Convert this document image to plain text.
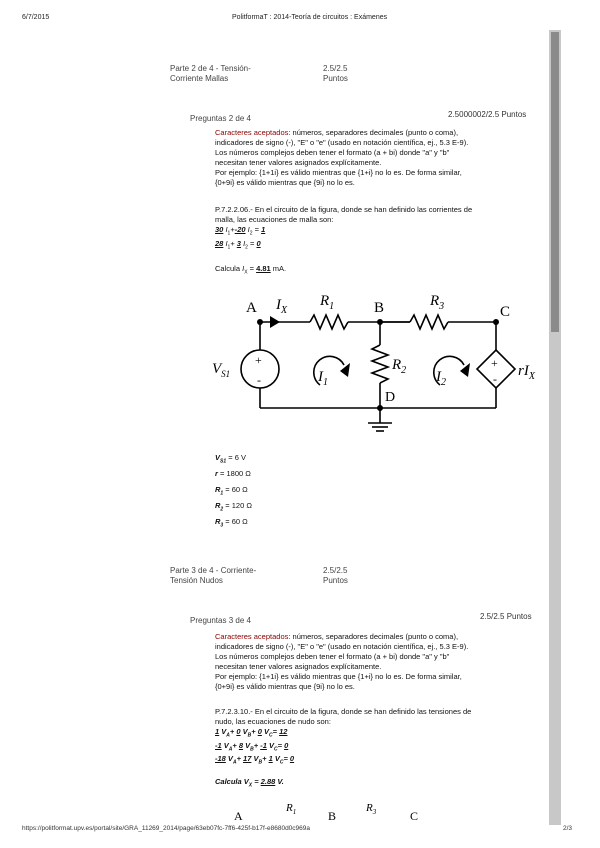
6/7/2015	PolitformaT : 2014-Teoría de circuitos : Exámenes
Parte 2 de 4 - Tensión-
Corriente Mallas
2.5/2.5
Puntos
Preguntas 2 de 4	2.5000002/2.5 Puntos
Caracteres aceptados: números, separadores decimales (punto o coma),
indicadores de signo (-), "E" o "e" (usado en notación científica, ej., 5.3 E-9).
Los números complejos deben tener el formato (a + bi) donde "a" y "b"
necesitan tener valores asignados explícitamente.
Por ejemplo: {1+1i} es válido mientras que {1+i} no lo es. De forma similar,
{0+9i} es válido mientras que {9i} no lo es.
P.7.2.2.06.- En el circuito de la figura, donde se han definido las corrientes de
malla, las ecuaciones de malla son:
30 $I_1+-20$ $I_2 = 1$
28 $I_1+ 3$ $I_2 = 0$
Calcula $I_X = 4.81$ mA.
A	B	C
D
$I_X$
$R_1$
$R_2$
$R_3$
$V_{S1}$	$I_1$	$I_2$
$rI_X$
+
-
+
-
$V_{S1} = 6$ V
r = 1800 Ω
$R_1 = 60$ Ω
$R_2 = 120$ Ω
$R_3 = 60$ Ω
Parte 3 de 4 - Corriente-
Tensión Nudos
2.5/2.5
Puntos
Preguntas 3 de 4	2.5/2.5 Puntos
Caracteres aceptados: números, separadores decimales (punto o coma),
indicadores de signo (-), "E" o "e" (usado en notación científica, ej., 5.3 E-9).
Los números complejos deben tener el formato (a + bi) donde "a" y "b"
necesitan tener valores asignados explícitamente.
Por ejemplo: {1+1i} es válido mientras que {1+i} no lo es. De forma similar,
{0+9i} es válido mientras que {9i} no lo es.
P.7.2.3.10.- En el circuito de la figura, donde se han definido las tensiones de
nudo, las ecuaciones de nudo son:
1 $V_A+ 0$ $V_B+ 0$ $V_C= 12$
-1 $V_A+ 8$ $V_B+ -1$ $V_C= 0$
-18 $V_A+ 17$ $V_B+ 1$ $V_C= 0$
Calcula $V_X = 2.88$ V.
A
$R_1$	B
$R_3$	C
https://politformat.upv.es/portal/site/GRA_11269_2014/page/63eb07fc-7ff6-425f-b17f-e8680d0c969a	2/3
